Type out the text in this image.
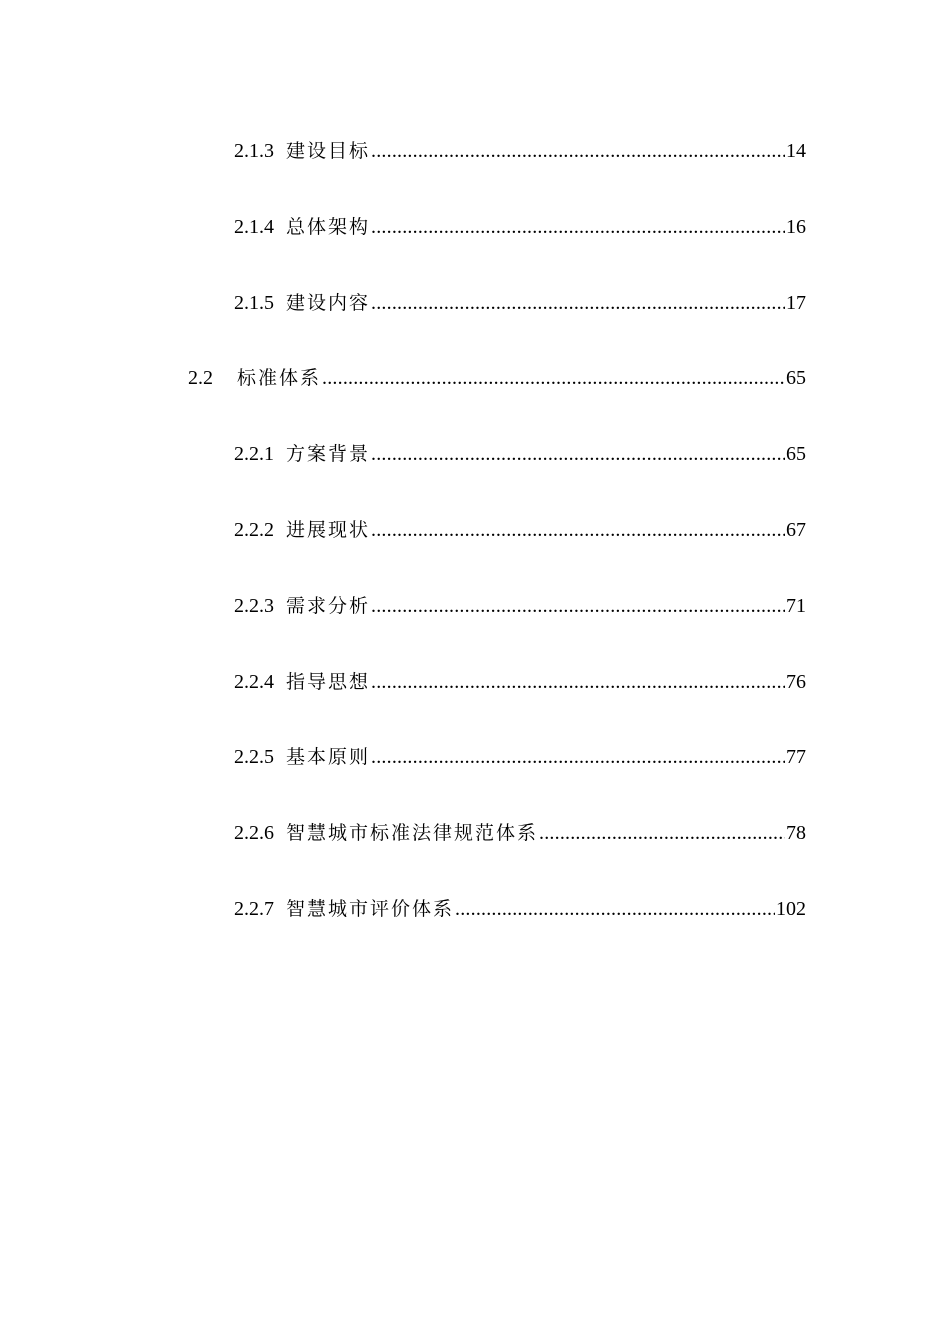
2.1.3 建设目标 .....	14
2.1.4 总体架构 .....	16
2.1.5 建设内容 .....	17
2.2 标准体系 .....	65
2.2.1 方案背景 .....	65
2.2.2 进展现状 .....	67
2.2.3 需求分析 .....	71
2.2.4 指导思想 .....	76
2.2.5 基本原则 .....	77
2.2.6 智慧城市标准法律规范体系 .....	78
2.2.7 智慧城市评价体系 .....	102
